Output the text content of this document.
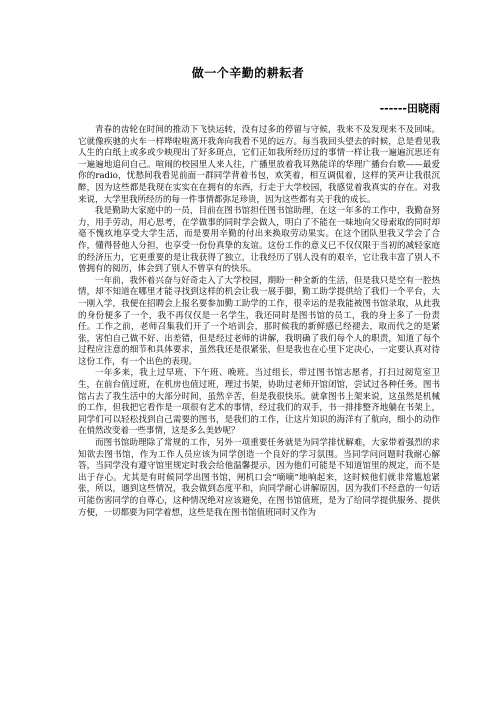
做一个辛勤的耕耘者
------田晓雨

青春的齿轮在时间的推动下飞快运转，没有过多的停留与守候，我来不及发现来不及回味。它就像疾驰的火车一样哗啦啦离开我奔向我看不见的远方。每当我回头望去的时候，总是看见我人生的白纸上或多或少映现出了好多斑点，它们正如我所经历过的事情一样让我一遍遍沉思还有一遍遍地追问自己。喧闹的校园里人来人往，广播里放着我耳熟能详的华理广播台台歌——最爱你的radio，忧愁间我看见前面一群同学背着书包，欢笑着，相互调侃着，这样的笑声让我很沉醉，因为这些都是我现在实实在在拥有的东西，行走于大学校园，我感觉着我真实的存在。对我来说，大学里我所经历的每一件事情都弥足珍贵，因为这些都有关于我的成长。

我是勤助大家庭中的一员，目前在图书馆担任图书馆助理，在这一年多的工作中，我勤奋努力，用手劳动，用心思考，在学做事的同时学会做人，明白了不能在一味地向父母索取的同时却毫不愧疚地享受大学生活，而是要用辛勤的付出来换取劳动果实。在这个团队里我又学会了合作，懂得替他人分担，也享受一份份真挚的友谊。这份工作的意义已不仅仅限于当初的减轻家庭的经济压力，它更重要的是让我获得了独立，让我经历了别人没有的艰辛，它让我丰富了别人不曾拥有的阅历，体会到了别人不曾享有的快乐。

一年前，我怀着兴奋与好奇走入了大学校园，期盼一种全新的生活，但是我只是空有一腔热情，却不知道在哪里才能寻找到这样的机会让我一展手脚，勤工助学提供给了我们一个平台，大一刚入学，我便在招聘会上报名要参加勤工助学的工作，很幸运的是我能被图书馆录取，从此我的身份便多了一个，我不再仅仅是一名学生，我还同时是图书馆的员工，我的身上多了一份责任。工作之前，老师召集我们开了一个培训会，那时候我的新鲜感已经褪去，取而代之的是紧张，害怕自己做不好、出差错，但是经过老师的讲解，我明确了我们每个人的职责，知道了每个过程应注意的细节和具体要求，虽然我还是很紧张，但是我也在心里下定决心，一定要认真对待这份工作，有一个出色的表现。

一年多来，我上过早班、下午班、晚班。当过组长，带过图书馆志愿者，打扫过阅览室卫生，在前台值过班，在机房也值过班，理过书架，协助过老师开馆闭馆，尝试过各种任务。图书馆占去了我生活中的大部分时间，虽然辛苦，但是我很快乐。就拿图书上架来说，这虽然是机械的工作，但我把它看作是一项很有艺术的事情，经过我们的双手，书一排排整齐地躺在书架上，同学们可以轻松找到自己需要的图书，是我们的工作，让这片知识的海洋有了航向，细小的动作在悄然改变着一些事情，这是多么美妙呢？

而图书馆助理除了常规的工作，另外一项重要任务就是为同学排忧解难，大家带着强烈的求知欲去图书馆，作为工作人员应该为同学创造一个良好的学习氛围。当同学问问题时我耐心解答，当同学没有遵守馆里规定时我会给他温馨提示，因为他们可能是不知道馆里的规定，而不是出于存心。尤其是有时候同学出图书馆，闸机口会“嘀嘀”地响起来，这时候他们就非常尴尬紧张，所以，遇到这些情况，我会做到态度平和，向同学耐心讲解原因，因为我们不经意的一句话可能伤害同学的自尊心，这种情况绝对应该避免，在图书馆值班，是为了给同学提供服务、提供方便，一切都要为同学着想，这些是我在图书馆值班同时又作为
